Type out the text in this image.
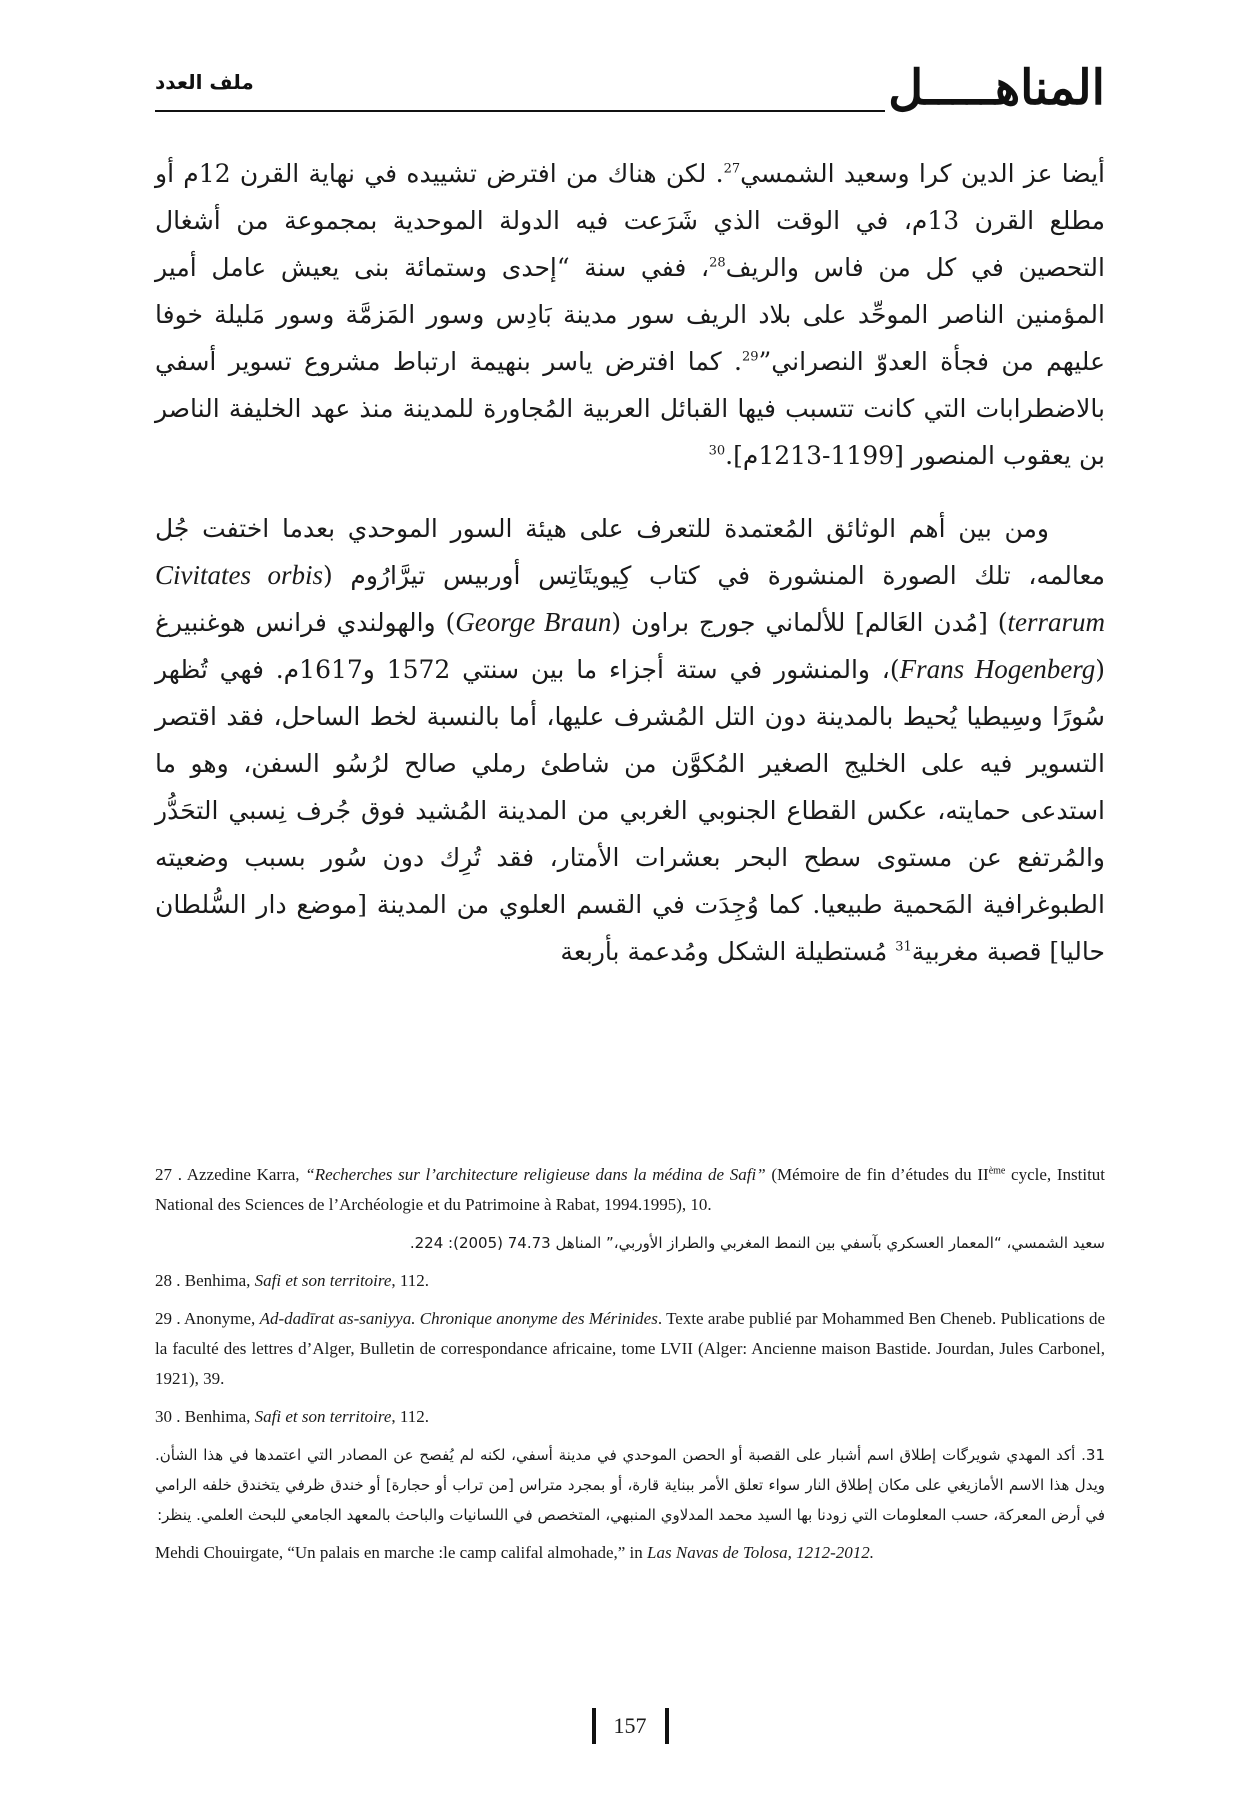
المناهـــــل
ملف العدد

أيضا عز الدين كرا وسعيد الشمسي$^{27}$. لكن هناك من افترض تشييده في نهاية القرن 12م أو مطلع القرن 13م، في الوقت الذي شَرَعت فيه الدولة الموحدية بمجموعة من أشغال التحصين في كل من فاس والريف$^{28}$، ففي سنة “إحدى وستمائة بنى يعيش عامل أمير المؤمنين الناصر الموحِّد على بلاد الريف سور مدينة بَادِس وسور المَزمَّة وسور مَليلة خوفا عليهم من فجأة العدوّ النصراني”$^{29}$. كما افترض ياسر بنهيمة ارتباط مشروع تسوير أسفي بالاضطرابات التي كانت تتسبب فيها القبائل العربية المُجاورة للمدينة منذ عهد الخليفة الناصر بن يعقوب المنصور [1199-1213م].$^{30}$

ومن بين أهم الوثائق المُعتمدة للتعرف على هيئة السور الموحدي بعدما اختفت جُل معالمه، تلك الصورة المنشورة في كتاب كِيويتَاتِس أوربيس تيرَّارُوم (Civitates orbis terrarum) [مُدن العَالم] للألماني جورج براون (George Braun) والهولندي فرانس هوغنبيرغ (Frans Hogenberg)، والمنشور في ستة أجزاء ما بين سنتي 1572 و1617م. فهي تُظهر سُورًا وسِيطيا يُحيط بالمدينة دون التل المُشرف عليها، أما بالنسبة لخط الساحل، فقد اقتصر التسوير فيه على الخليج الصغير المُكوَّن من شاطئ رملي صالح لرُسُو السفن، وهو ما استدعى حمايته، عكس القطاع الجنوبي الغربي من المدينة المُشيد فوق جُرف نِسبي التحَدُّر والمُرتفع عن مستوى سطح البحر بعشرات الأمتار، فقد تُرِك دون سُور بسبب وضعيته الطبوغرافية المَحمية طبيعيا. كما وُجِدَت في القسم العلوي من المدينة [موضع دار السُّلطان حاليا] قصبة مغربية$^{31}$ مُستطيلة الشكل ومُدعمة بأربعة

27 . Azzedine Karra, “Recherches sur l’architecture religieuse dans la médina de Safi” (Mémoire de fin d’études du IIème cycle, Institut National des Sciences de l’Archéologie et du Patrimoine à Rabat, 1994.1995), 10.

سعيد الشمسي، “المعمار العسكري بآسفي بين النمط المغربي والطراز الأوربي،” المناهل 74.73 (2005): 224.

28 . Benhima, Safi et son territoire, 112.

29 . Anonyme, Ad-dadīrat as-saniyya. Chronique anonyme des Mérinides. Texte arabe publié par Mohammed Ben Cheneb. Publications de la faculté des lettres d’Alger, Bulletin de correspondance africaine, tome LVII (Alger: Ancienne maison Bastide. Jourdan, Jules Carbonel, 1921), 39.

30 . Benhima, Safi et son territoire, 112.

31. أكد المهدي شويرگات إطلاق اسم أشبار على القصبة أو الحصن الموحدي في مدينة أسفي، لكنه لم يُفصح عن المصادر التي اعتمدها في هذا الشأن. ويدل هذا الاسم الأمازيغي على مكان إطلاق النار سواء تعلق الأمر ببناية قارة، أو بمجرد متراس [من تراب أو حجارة] أو خندق ظرفي يتخندق خلفه الرامي في أرض المعركة، حسب المعلومات التي زودنا بها السيد محمد المدلاوي المنبهي، المتخصص في اللسانيات والباحث بالمعهد الجامعي للبحث العلمي. ينظر:

Mehdi Chouirgate, “Un palais en marche :le camp califal almohade,” in Las Navas de Tolosa, 1212-2012.

157
